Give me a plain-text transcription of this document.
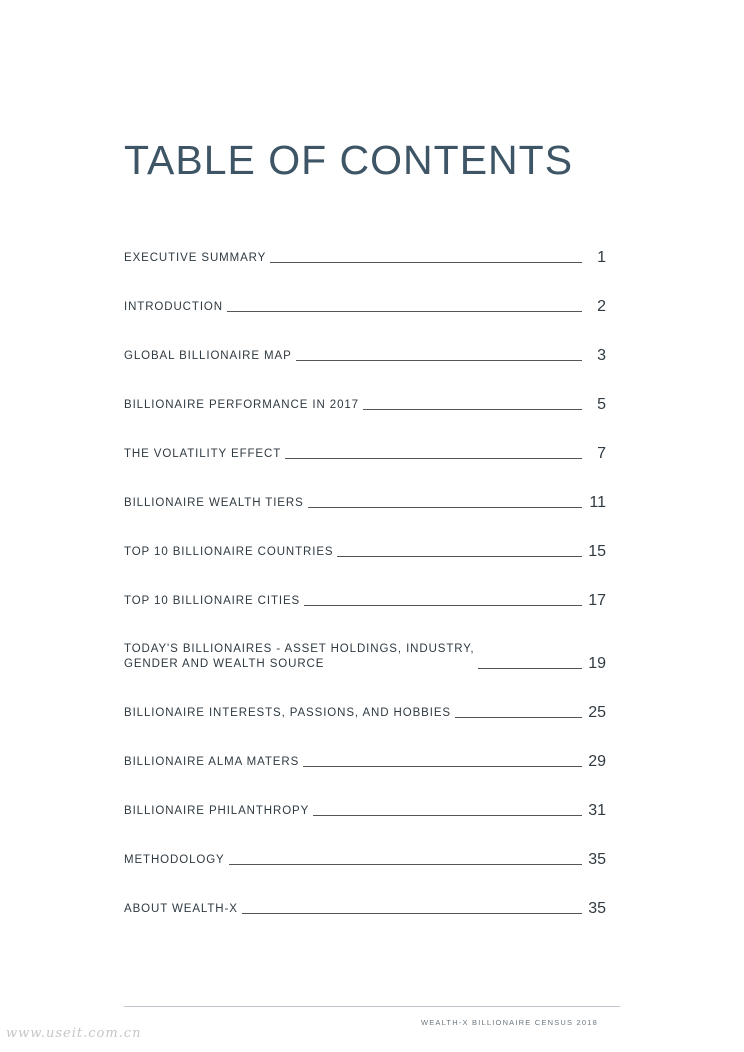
TABLE OF CONTENTS
EXECUTIVE SUMMARY	1
INTRODUCTION	2
GLOBAL BILLIONAIRE MAP	3
BILLIONAIRE PERFORMANCE IN 2017	5
THE VOLATILITY EFFECT	7
BILLIONAIRE WEALTH TIERS	11
TOP 10 BILLIONAIRE COUNTRIES	15
TOP 10 BILLIONAIRE CITIES	17
TODAY'S BILLIONAIRES - ASSET HOLDINGS, INDUSTRY,
GENDER AND WEALTH SOURCE	19
BILLIONAIRE INTERESTS, PASSIONS, AND HOBBIES	25
BILLIONAIRE ALMA MATERS	29
BILLIONAIRE PHILANTHROPY	31
METHODOLOGY	35
ABOUT WEALTH-X	35
WEALTH-X BILLIONAIRE CENSUS 2018
www.useit.com.cn
